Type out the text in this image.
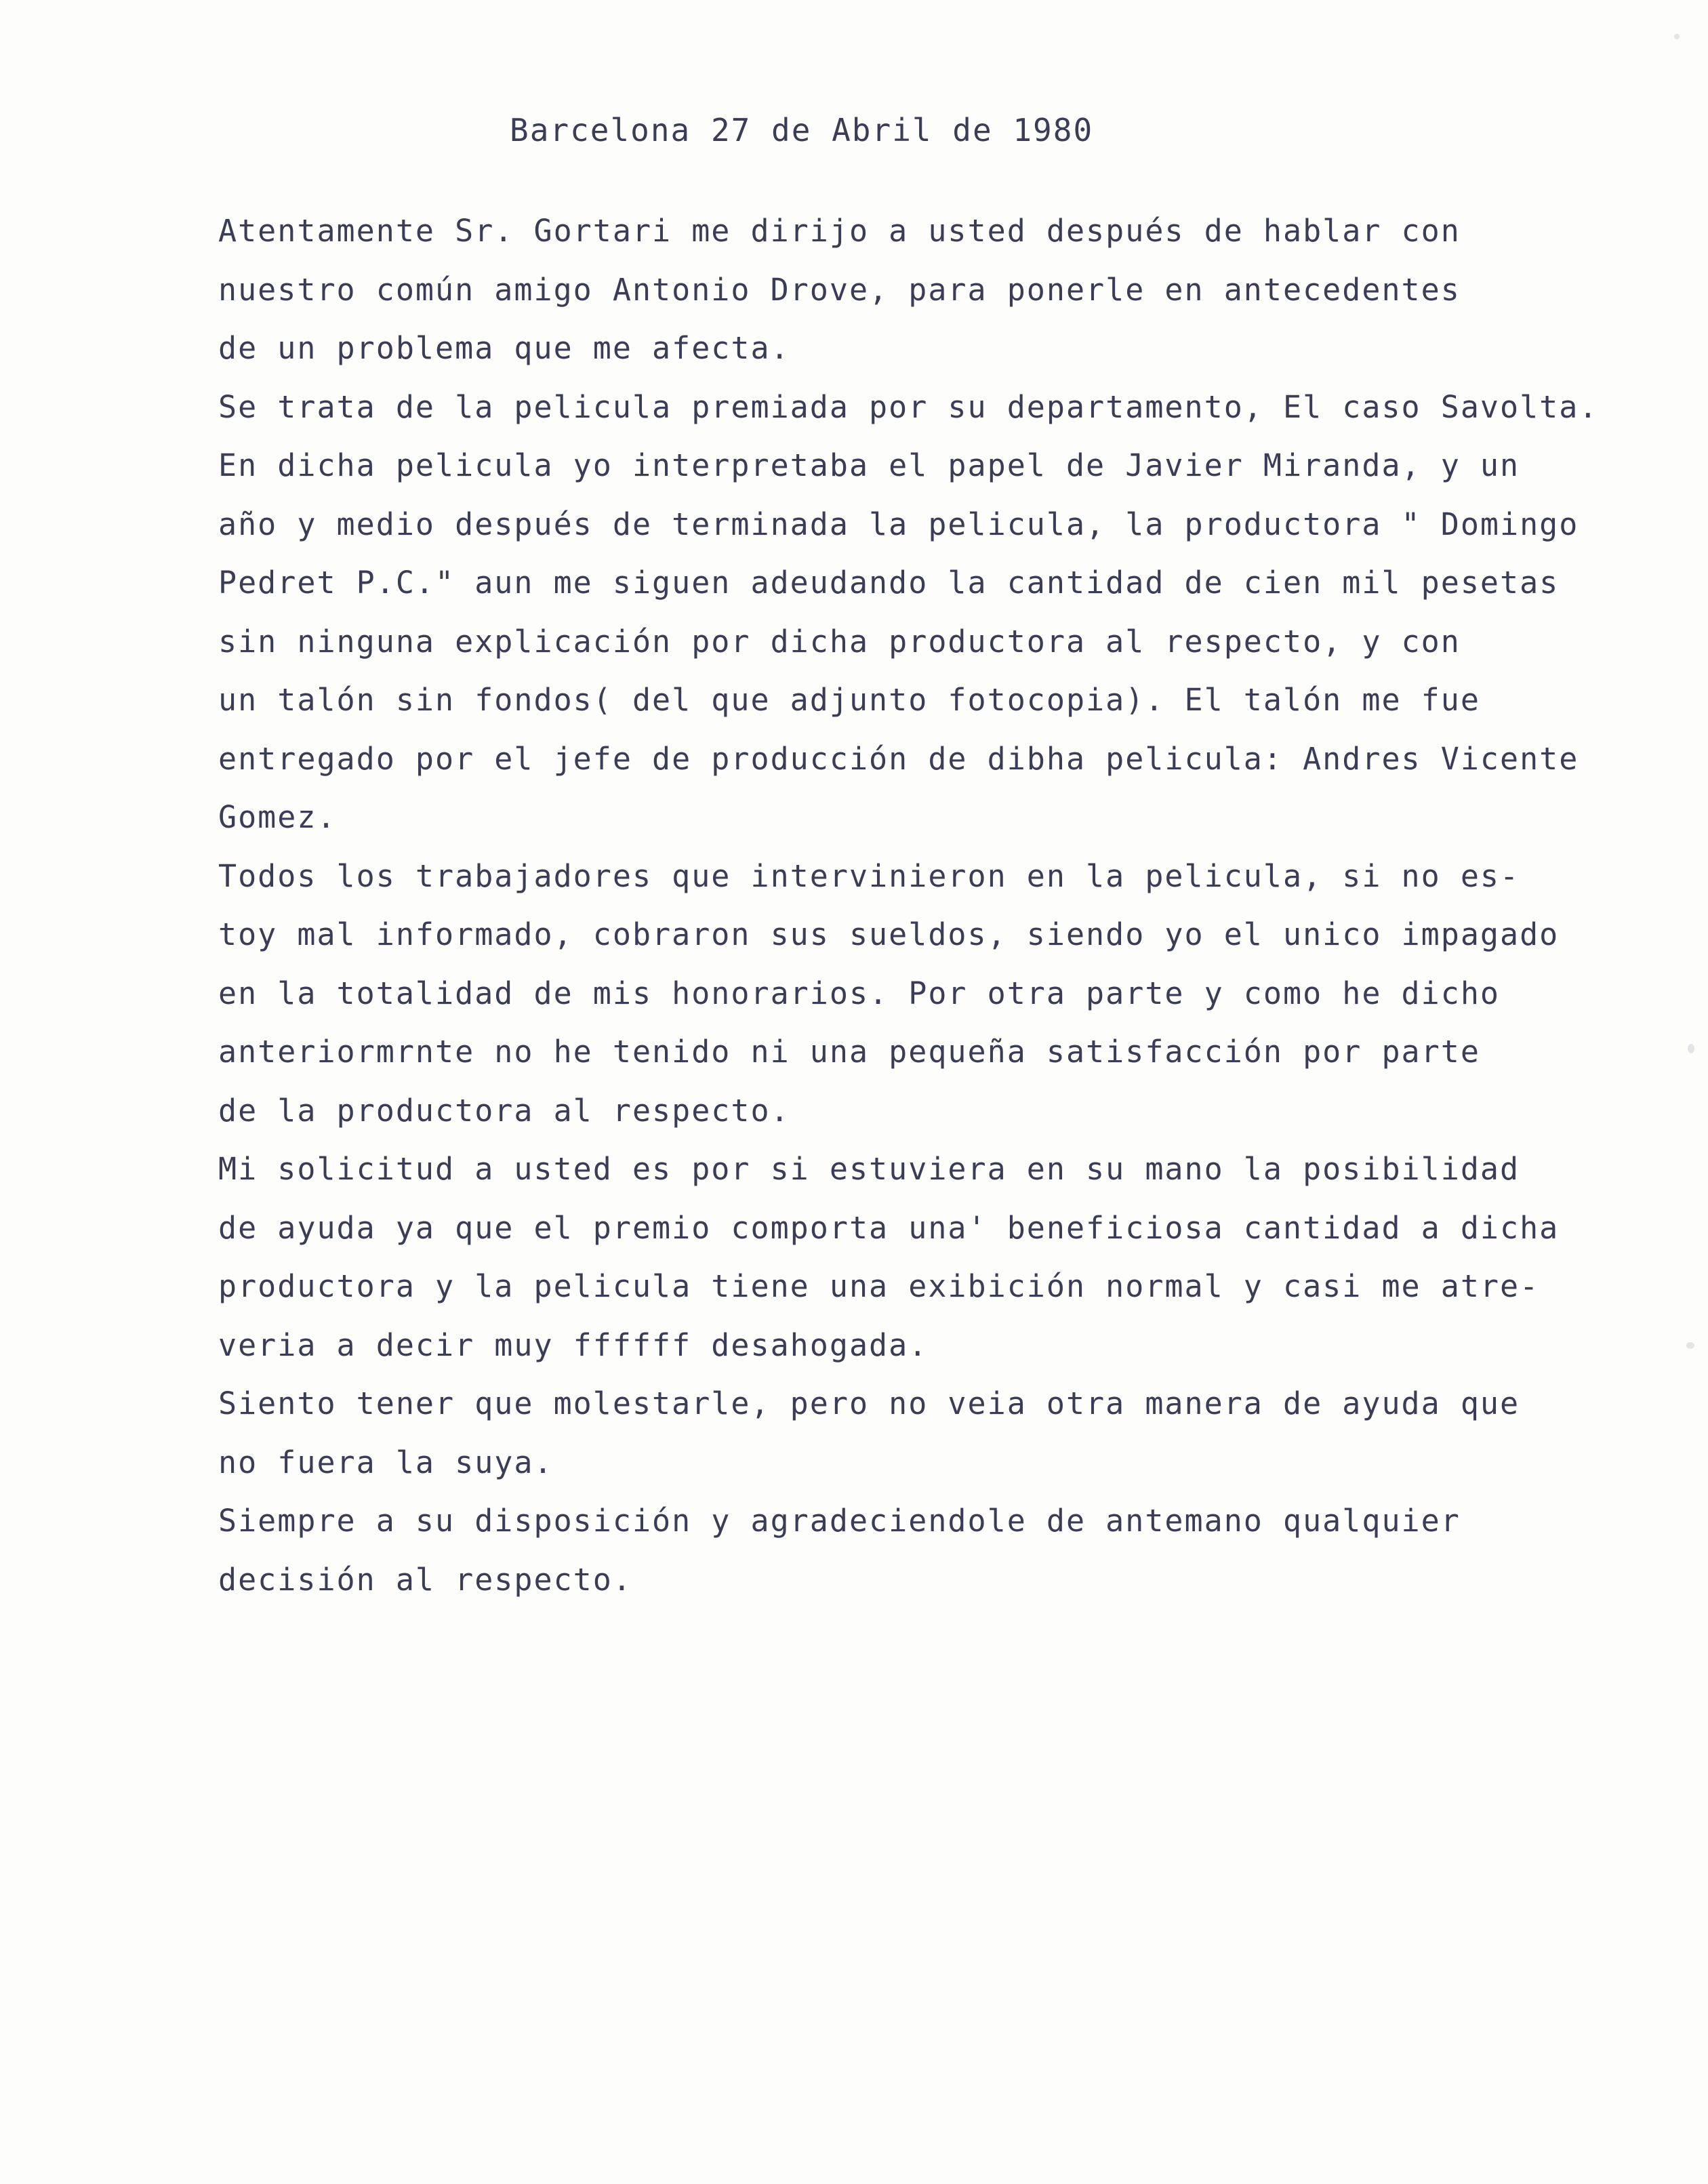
Barcelona 27 de Abril de 1980

Atentamente Sr. Gortari me dirijo a usted después de hablar con
nuestro común amigo Antonio Drove, para ponerle en antecedentes
de un problema que me afecta.
Se trata de la pelicula premiada por su departamento, El caso Savolta.
En dicha pelicula yo interpretaba el papel de Javier Miranda, y un
año y medio después de terminada la pelicula, la productora " Domingo
Pedret P.C." aun me siguen adeudando la cantidad de cien mil pesetas
sin ninguna explicación por dicha productora al respecto, y con
un talón sin fondos( del que adjunto fotocopia). El talón me fue
entregado por el jefe de producción de dibha pelicula: Andres Vicente
Gomez.
Todos los trabajadores que intervinieron en la pelicula, si no es-
toy mal informado, cobraron sus sueldos, siendo yo el unico impagado
en la totalidad de mis honorarios. Por otra parte y como he dicho
anteriormrnte no he tenido ni una pequeña satisfacción por parte
de la productora al respecto.
Mi solicitud a usted es por si estuviera en su mano la posibilidad
de ayuda ya que el premio comporta una' beneficiosa cantidad a dicha
productora y la pelicula tiene una exibición normal y casi me atre-
veria a decir muy ffffff desahogada.
Siento tener que molestarle, pero no veia otra manera de ayuda que
no fuera la suya.
Siempre a su disposición y agradeciendole de antemano qualquier
decisión al respecto.
